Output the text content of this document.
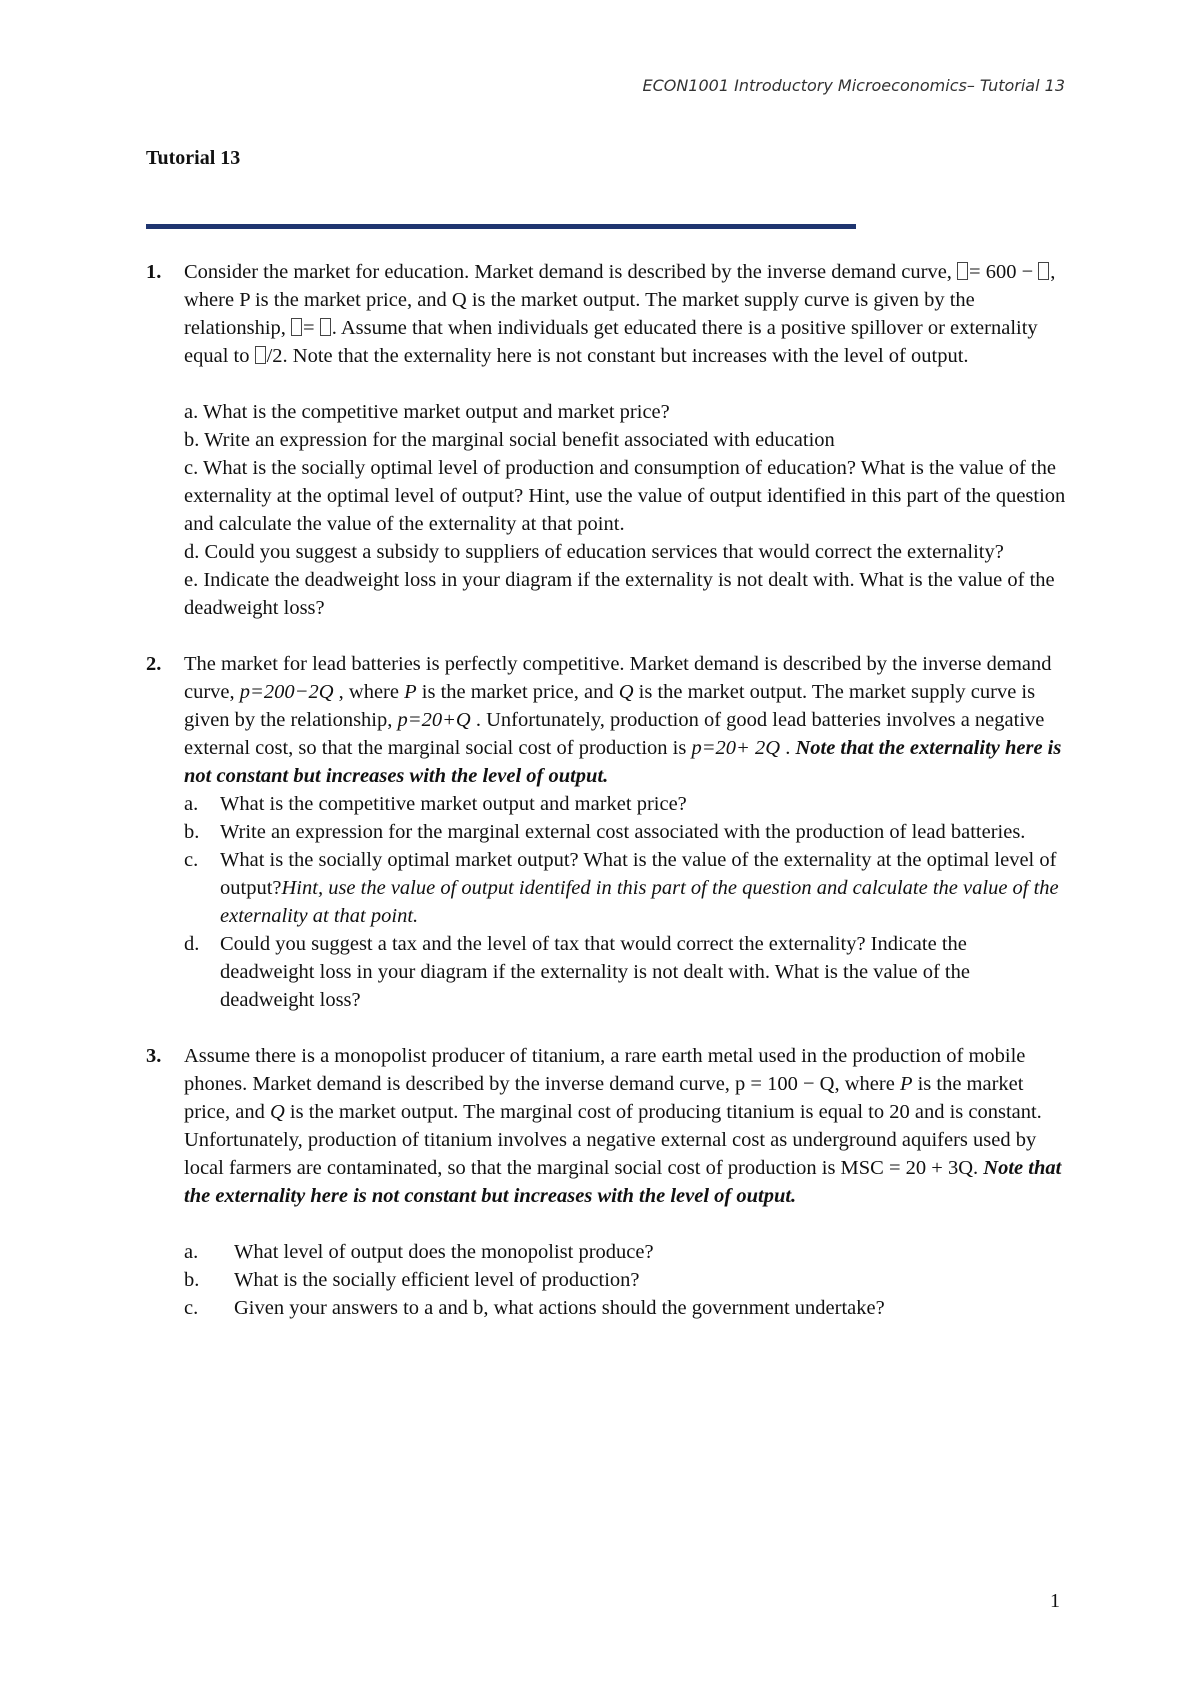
ECON1001 Introductory Microeconomics– Tutorial 13
Tutorial 13
1. Consider the market for education. Market demand is described by the inverse demand curve, = 600 − , where P is the market price, and Q is the market output. The market supply curve is given by the relationship, = . Assume that when individuals get educated there is a positive spillover or externality equal to /2. Note that the externality here is not constant but increases with the level of output.
a. What is the competitive market output and market price?
b. Write an expression for the marginal social benefit associated with education
c. What is the socially optimal level of production and consumption of education? What is the value of the externality at the optimal level of output? Hint, use the value of output identified in this part of the question and calculate the value of the externality at that point.
d. Could you suggest a subsidy to suppliers of education services that would correct the externality?
e. Indicate the deadweight loss in your diagram if the externality is not dealt with. What is the value of the deadweight loss?
2. The market for lead batteries is perfectly competitive. Market demand is described by the inverse demand curve, p=200−2Q , where P is the market price, and Q is the market output. The market supply curve is given by the relationship, p=20+Q . Unfortunately, production of good lead batteries involves a negative external cost, so that the marginal social cost of production is p=20+ 2Q . Note that the externality here is not constant but increases with the level of output.
a. What is the competitive market output and market price?
b. Write an expression for the marginal external cost associated with the production of lead batteries.
c. What is the socially optimal market output? What is the value of the externality at the optimal level of output?Hint, use the value of output identifed in this part of the question and calculate the value of the externality at that point.
d. Could you suggest a tax and the level of tax that would correct the externality? Indicate the deadweight loss in your diagram if the externality is not dealt with. What is the value of the deadweight loss?
3. Assume there is a monopolist producer of titanium, a rare earth metal used in the production of mobile phones. Market demand is described by the inverse demand curve, p = 100 − Q, where P is the market price, and Q is the market output. The marginal cost of producing titanium is equal to 20 and is constant. Unfortunately, production of titanium involves a negative external cost as underground aquifers used by local farmers are contaminated, so that the marginal social cost of production is MSC = 20 + 3Q. Note that the externality here is not constant but increases with the level of output.
a. What level of output does the monopolist produce?
b. What is the socially efficient level of production?
c. Given your answers to a and b, what actions should the government undertake?
1
